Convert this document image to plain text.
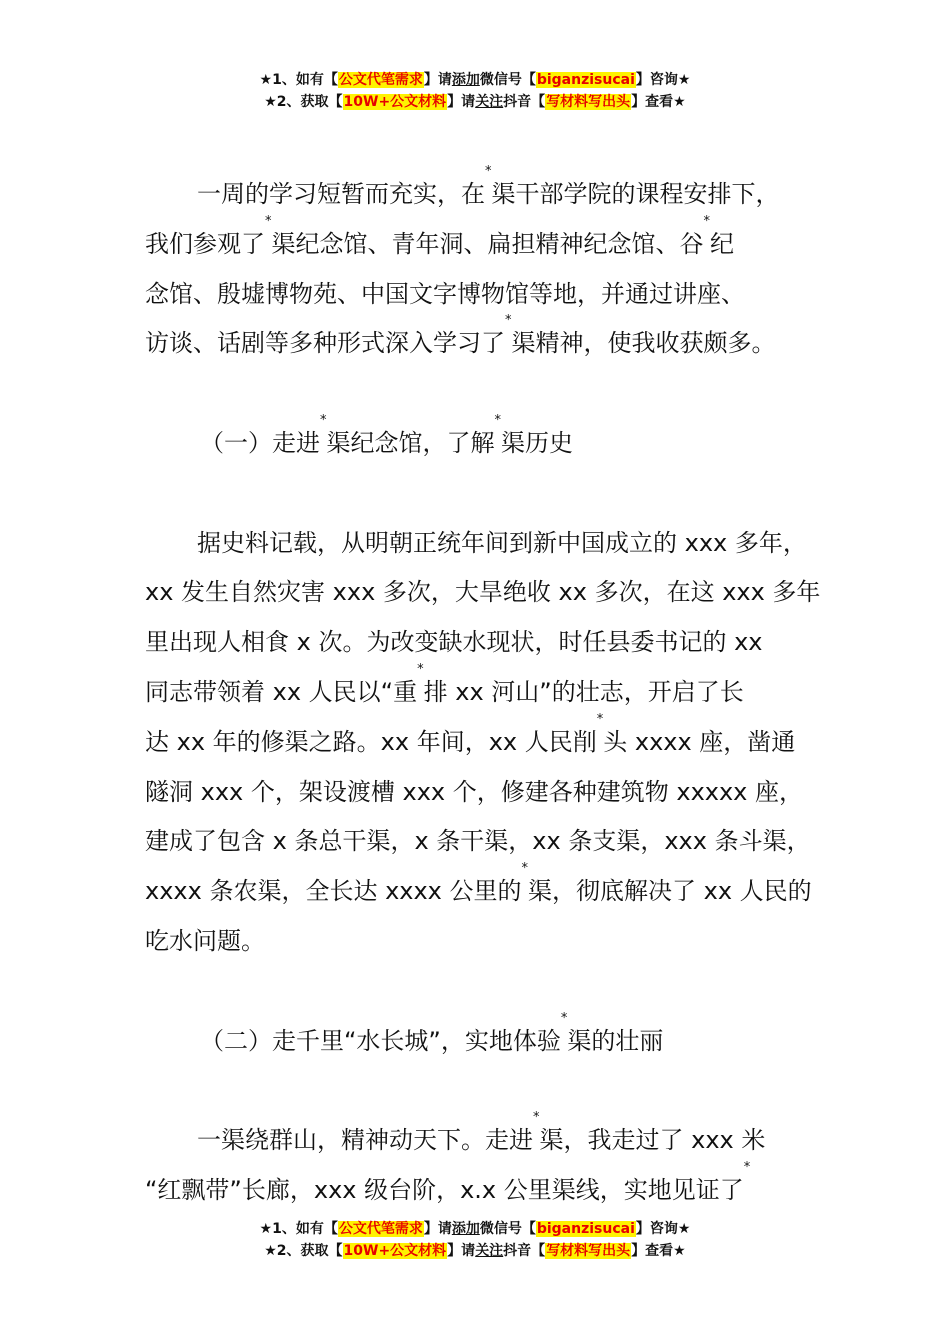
★1、如有【公文代笔需求】请添加微信号【biganzisucai】咨询★
★2、获取【10W+公文材料】请关注抖音【写材料写出头】查看★

一周的学习短暂而充实，在*渠干部学院的课程安排下，
我们参观了*渠纪念馆、青年洞、扁担精神纪念馆、谷*纪
念馆、殷墟博物苑、中国文字博物馆等地，并通过讲座、
访谈、话剧等多种形式深入学习了*渠精神，使我收获颇多。

（一）走进*渠纪念馆，了解*渠历史

据史料记载，从明朝正统年间到新中国成立的 xxx 多年，
xx 发生自然灾害 xxx 多次，大旱绝收 xx 多次，在这 xxx 多年
里出现人相食 x 次。为改变缺水现状，时任县委书记的 xx
同志带领着 xx 人民以“重*排 xx 河山”的壮志，开启了长
达 xx 年的修渠之路。xx 年间，xx 人民削*头 xxxx 座，凿通
隧洞 xxx 个，架设渡槽 xxx 个，修建各种建筑物 xxxxx 座，
建成了包含 x 条总干渠，x 条干渠，xx 条支渠，xxx 条斗渠，
xxxx 条农渠，全长达 xxxx 公里的*渠，彻底解决了 xx 人民的
吃水问题。

（二）走千里“水长城”，实地体验*渠的壮丽

一渠绕群山，精神动天下。走进*渠，我走过了 xxx 米
“红飘带”长廊，xxx 级台阶，x.x 公里渠线，实地见证了*

★1、如有【公文代笔需求】请添加微信号【biganzisucai】咨询★
★2、获取【10W+公文材料】请关注抖音【写材料写出头】查看★
